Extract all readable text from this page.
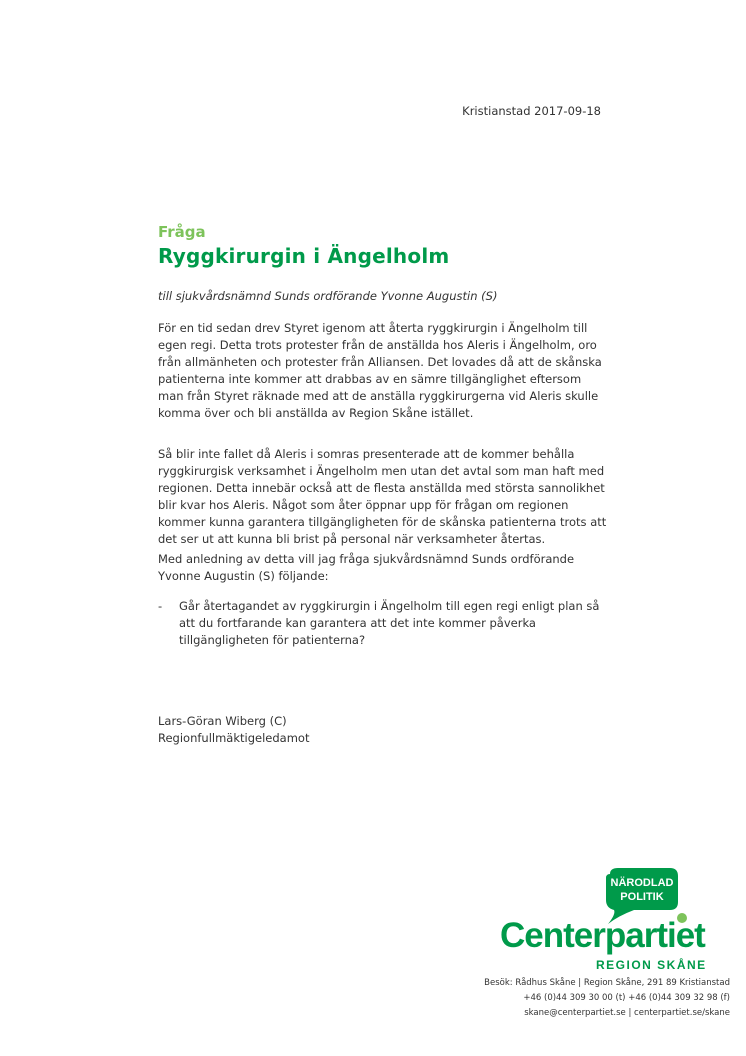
Kristianstad 2017-09-18
Fråga
Ryggkirurgin i Ängelholm
till sjukvårdsnämnd Sunds ordförande Yvonne Augustin (S)

För en tid sedan drev Styret igenom att återta ryggkirurgin i Ängelholm till egen regi. Detta trots protester från de anställda hos Aleris i Ängelholm, oro från allmänheten och protester från Alliansen. Det lovades då att de skånska patienterna inte kommer att drabbas av en sämre tillgänglighet eftersom man från Styret räknade med att de anställa ryggkirurgerna vid Aleris skulle komma över och bli anställda av Region Skåne istället.

Så blir inte fallet då Aleris i somras presenterade att de kommer behålla ryggkirurgisk verksamhet i Ängelholm men utan det avtal som man haft med regionen. Detta innebär också att de flesta anställda med största sannolikhet blir kvar hos Aleris. Något som åter öppnar upp för frågan om regionen kommer kunna garantera tillgängligheten för de skånska patienterna trots att det ser ut att kunna bli brist på personal när verksamheter återtas.

Med anledning av detta vill jag fråga sjukvårdsnämnd Sunds ordförande Yvonne Augustin (S) följande:

- Går återtagandet av ryggkirurgin i Ängelholm till egen regi enligt plan så att du fortfarande kan garantera att det inte kommer påverka tillgängligheten för patienterna?
Lars-Göran Wiberg (C)
Regionfullmäktigeledamot
NÄRODLAD
POLITIK
Centerpartiet
REGION SKÅNE
Besök: Rådhus Skåne | Region Skåne, 291 89 Kristianstad
+46 (0)44 309 30 00 (t) +46 (0)44 309 32 98 (f)
skane@centerpartiet.se | centerpartiet.se/skane
